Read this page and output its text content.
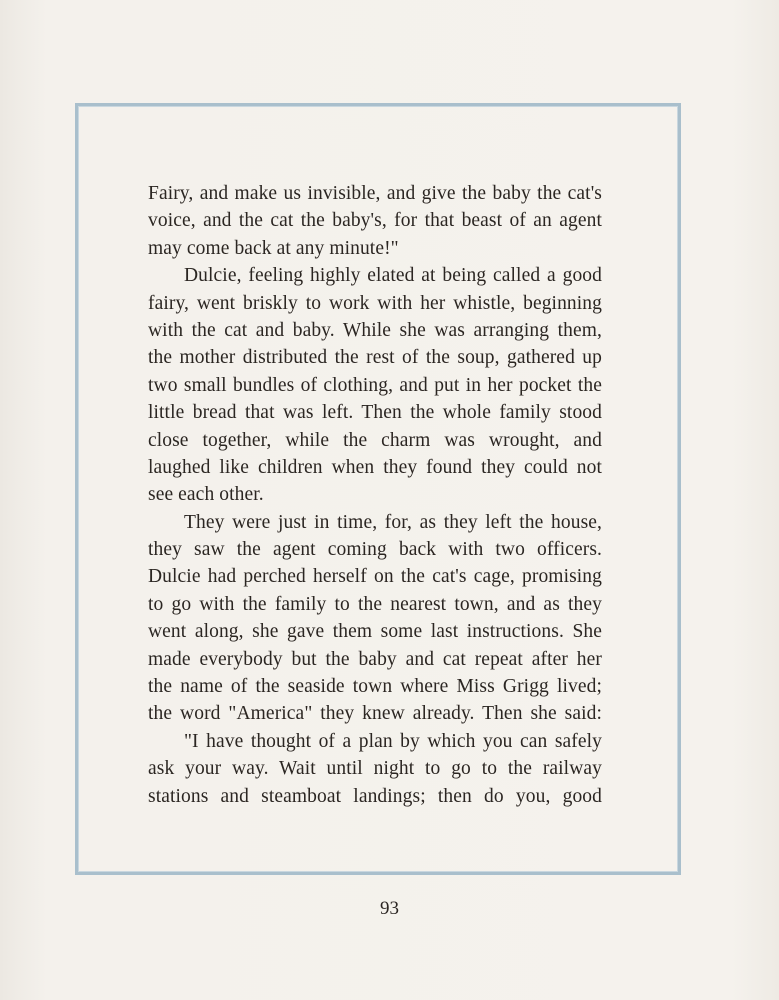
Fairy, and make us invisible, and give the baby the cat's
voice, and the cat the baby's, for that beast of an agent
may come back at any minute!"
Dulcie, feeling highly elated at being called a good
fairy, went briskly to work with her whistle, beginning
with the cat and baby. While she was arranging them,
the mother distributed the rest of the soup, gathered up
two small bundles of clothing, and put in her pocket the
little bread that was left. Then the whole family stood
close together, while the charm was wrought, and
laughed like children when they found they could not
see each other.
They were just in time, for, as they left the house,
they saw the agent coming back with two officers.
Dulcie had perched herself on the cat's cage, promising
to go with the family to the nearest town, and as they
went along, she gave them some last instructions. She
made everybody but the baby and cat repeat after her
the name of the seaside town where Miss Grigg lived;
the word "America" they knew already. Then she said:
"I have thought of a plan by which you can safely
ask your way. Wait until night to go to the railway
stations and steamboat landings; then do you, good
93
